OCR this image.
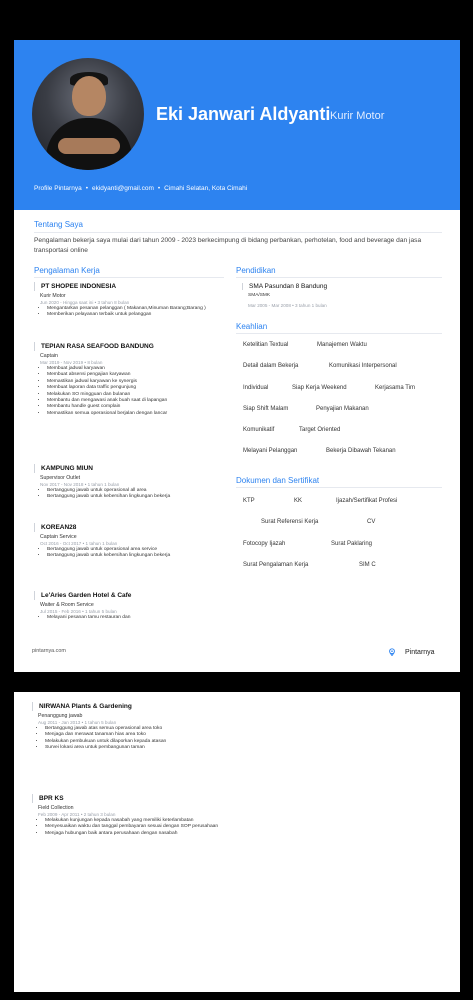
Eki Janwari Aldyanti Kurir Motor
Profile Pintarnya • ekidyanti@gmail.com • Cimahi Selatan, Kota Cimahi
Tentang Saya
Pengalaman bekerja saya mulai dari tahun 2009 - 2023 berkecimpung di bidang perbankan, perhotelan, food and beverage dan jasa transportasi online
Pengalaman Kerja
PT SHOPEE INDONESIA
Kurir Motor
Jun 2020 - Hingga saat ini • 3 tahun 8 bulan
• Mengantarkan pesanan pelanggan ( Makanan,Minuman Barang;Barang )
• Memberikan pelayanan terbaik untuk pelanggan
TEPIAN RASA SEAFOOD BANDUNG
Captain
Mar 2019 - Nov 2019 • 8 bulan
• Membuat jadwal karyawan
• Membuat absensi pengajian karyawan
• Memastikan jadwal karyawan ke synergis
• Membuat laporan data traffic pengunjung
• Melakukan SO mingguan dan bulanan
• Membantu dan mengawasi anak buah saat di lapangan
• Membantu handle guest complain
• Memastikan semua operasional berjalan dengan lancar
KAMPUNG MIUN
Supervisor Outlet
Nov 2017 - Nov 2018 • 1 tahun 1 bulan
• Bertanggung jawab untuk operasional all area
• Bertanggung jawab untuk kebersihan lingkungan bekerja
KOREAN28
Captain Service
Oct 2016 - Oct 2017 • 1 tahun 1 bulan
• Bertanggung jawab untuk operasional area service
• Bertanggung jawab untuk kebersihan lingkungan bekerja
Le'Aries Garden Hotel & Cafe
Waiter & Room Service
Jul 2015 - Feb 2016 • 1 tahun 5 bulan
• Melayani pesanan tamu restauran dan
Pendidikan
SMA Pasundan 8 Bandung
SMA/SMK
Mar 2005 - Mar 2008 • 3 tahun 1 bulan
Keahlian
Ketelitian Textual	Manajemen Waktu
Detail dalam Bekerja	Komunikasi Interpersonal
Individual	Siap Kerja Weekend	Kerjasama Tim
Siap Shift Malam	Penyajian Makanan
Komunikatif	Target Oriented
Melayani Pelanggan	Bekerja Dibawah Tekanan
Dokumen dan Sertifikat
KTP	KK	Ijazah/Sertifikat Profesi
Surat Referensi Kerja	CV
Fotocopy Ijazah	Surat Paklaring
Surat Pengalaman Kerja	SIM C
pintarnya.com	Pintarnya
NIRWANA Plants & Gardening
Penanggung jawab
Aug 2011 - Jan 2013 • 1 tahun 5 bulan
• Bertanggung jawab atas semua operasional area toko
• Menjaga dan merawat tanaman hias area toko
• Melakukan pembukuan untuk dilaporkan kepada atasan
• Survei lokasi area untuk pembangunan taman
BPR KS
Field Collection
Feb 2009 - Apr 2011 • 2 tahun 3 bulan
• Melakukan kunjungan kepada nasabah yang memiliki keterlambatan
• Menyesuaikan waktu dan tanggal pembayaran sesuai dengan SOP perusahaan
• Menjaga hubungan baik antara perusahaan dengan nasabah
